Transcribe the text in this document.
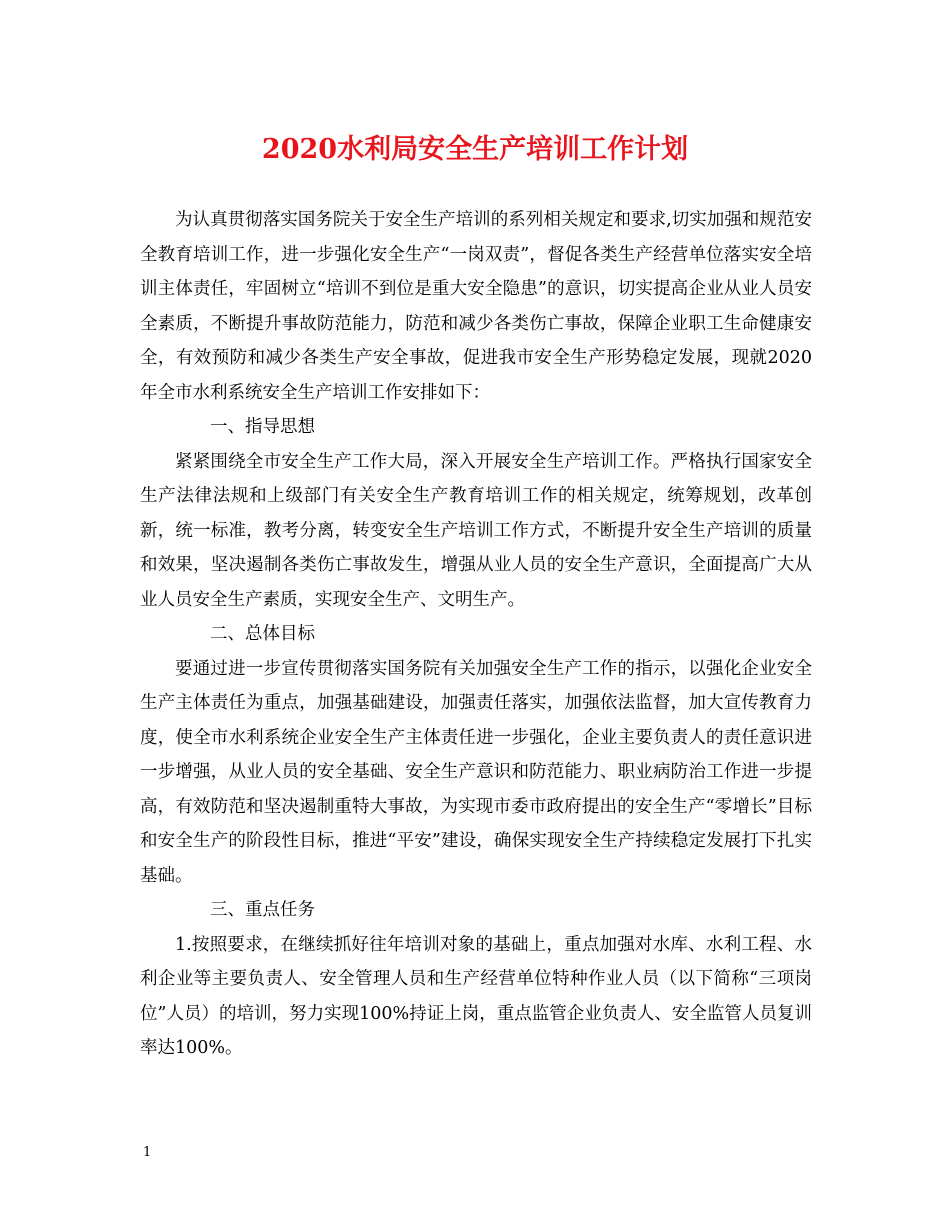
2020水利局安全生产培训工作计划

为认真贯彻落实国务院关于安全生产培训的系列相关规定和要求,切实加强和规范安全教育培训工作，进一步强化安全生产“一岗双责”，督促各类生产经营单位落实安全培训主体责任，牢固树立“培训不到位是重大安全隐患”的意识，切实提高企业从业人员安全素质，不断提升事故防范能力，防范和减少各类伤亡事故，保障企业职工生命健康安全，有效预防和减少各类生产安全事故，促进我市安全生产形势稳定发展，现就2020年全市水利系统安全生产培训工作安排如下：

一、指导思想

紧紧围绕全市安全生产工作大局，深入开展安全生产培训工作。严格执行国家安全生产法律法规和上级部门有关安全生产教育培训工作的相关规定，统筹规划，改革创新，统一标准，教考分离，转变安全生产培训工作方式，不断提升安全生产培训的质量和效果，坚决遏制各类伤亡事故发生，增强从业人员的安全生产意识，全面提高广大从业人员安全生产素质，实现安全生产、文明生产。

二、总体目标

要通过进一步宣传贯彻落实国务院有关加强安全生产工作的指示，以强化企业安全生产主体责任为重点，加强基础建设，加强责任落实，加强依法监督，加大宣传教育力度，使全市水利系统企业安全生产主体责任进一步强化，企业主要负责人的责任意识进一步增强，从业人员的安全基础、安全生产意识和防范能力、职业病防治工作进一步提高，有效防范和坚决遏制重特大事故，为实现市委市政府提出的安全生产“零增长”目标和安全生产的阶段性目标，推进“平安”建设，确保实现安全生产持续稳定发展打下扎实基础。

三、重点任务

1.按照要求，在继续抓好往年培训对象的基础上，重点加强对水库、水利工程、水利企业等主要负责人、安全管理人员和生产经营单位特种作业人员（以下简称“三项岗位”人员）的培训，努力实现100%持证上岗，重点监管企业负责人、安全监管人员复训率达100%。

1
